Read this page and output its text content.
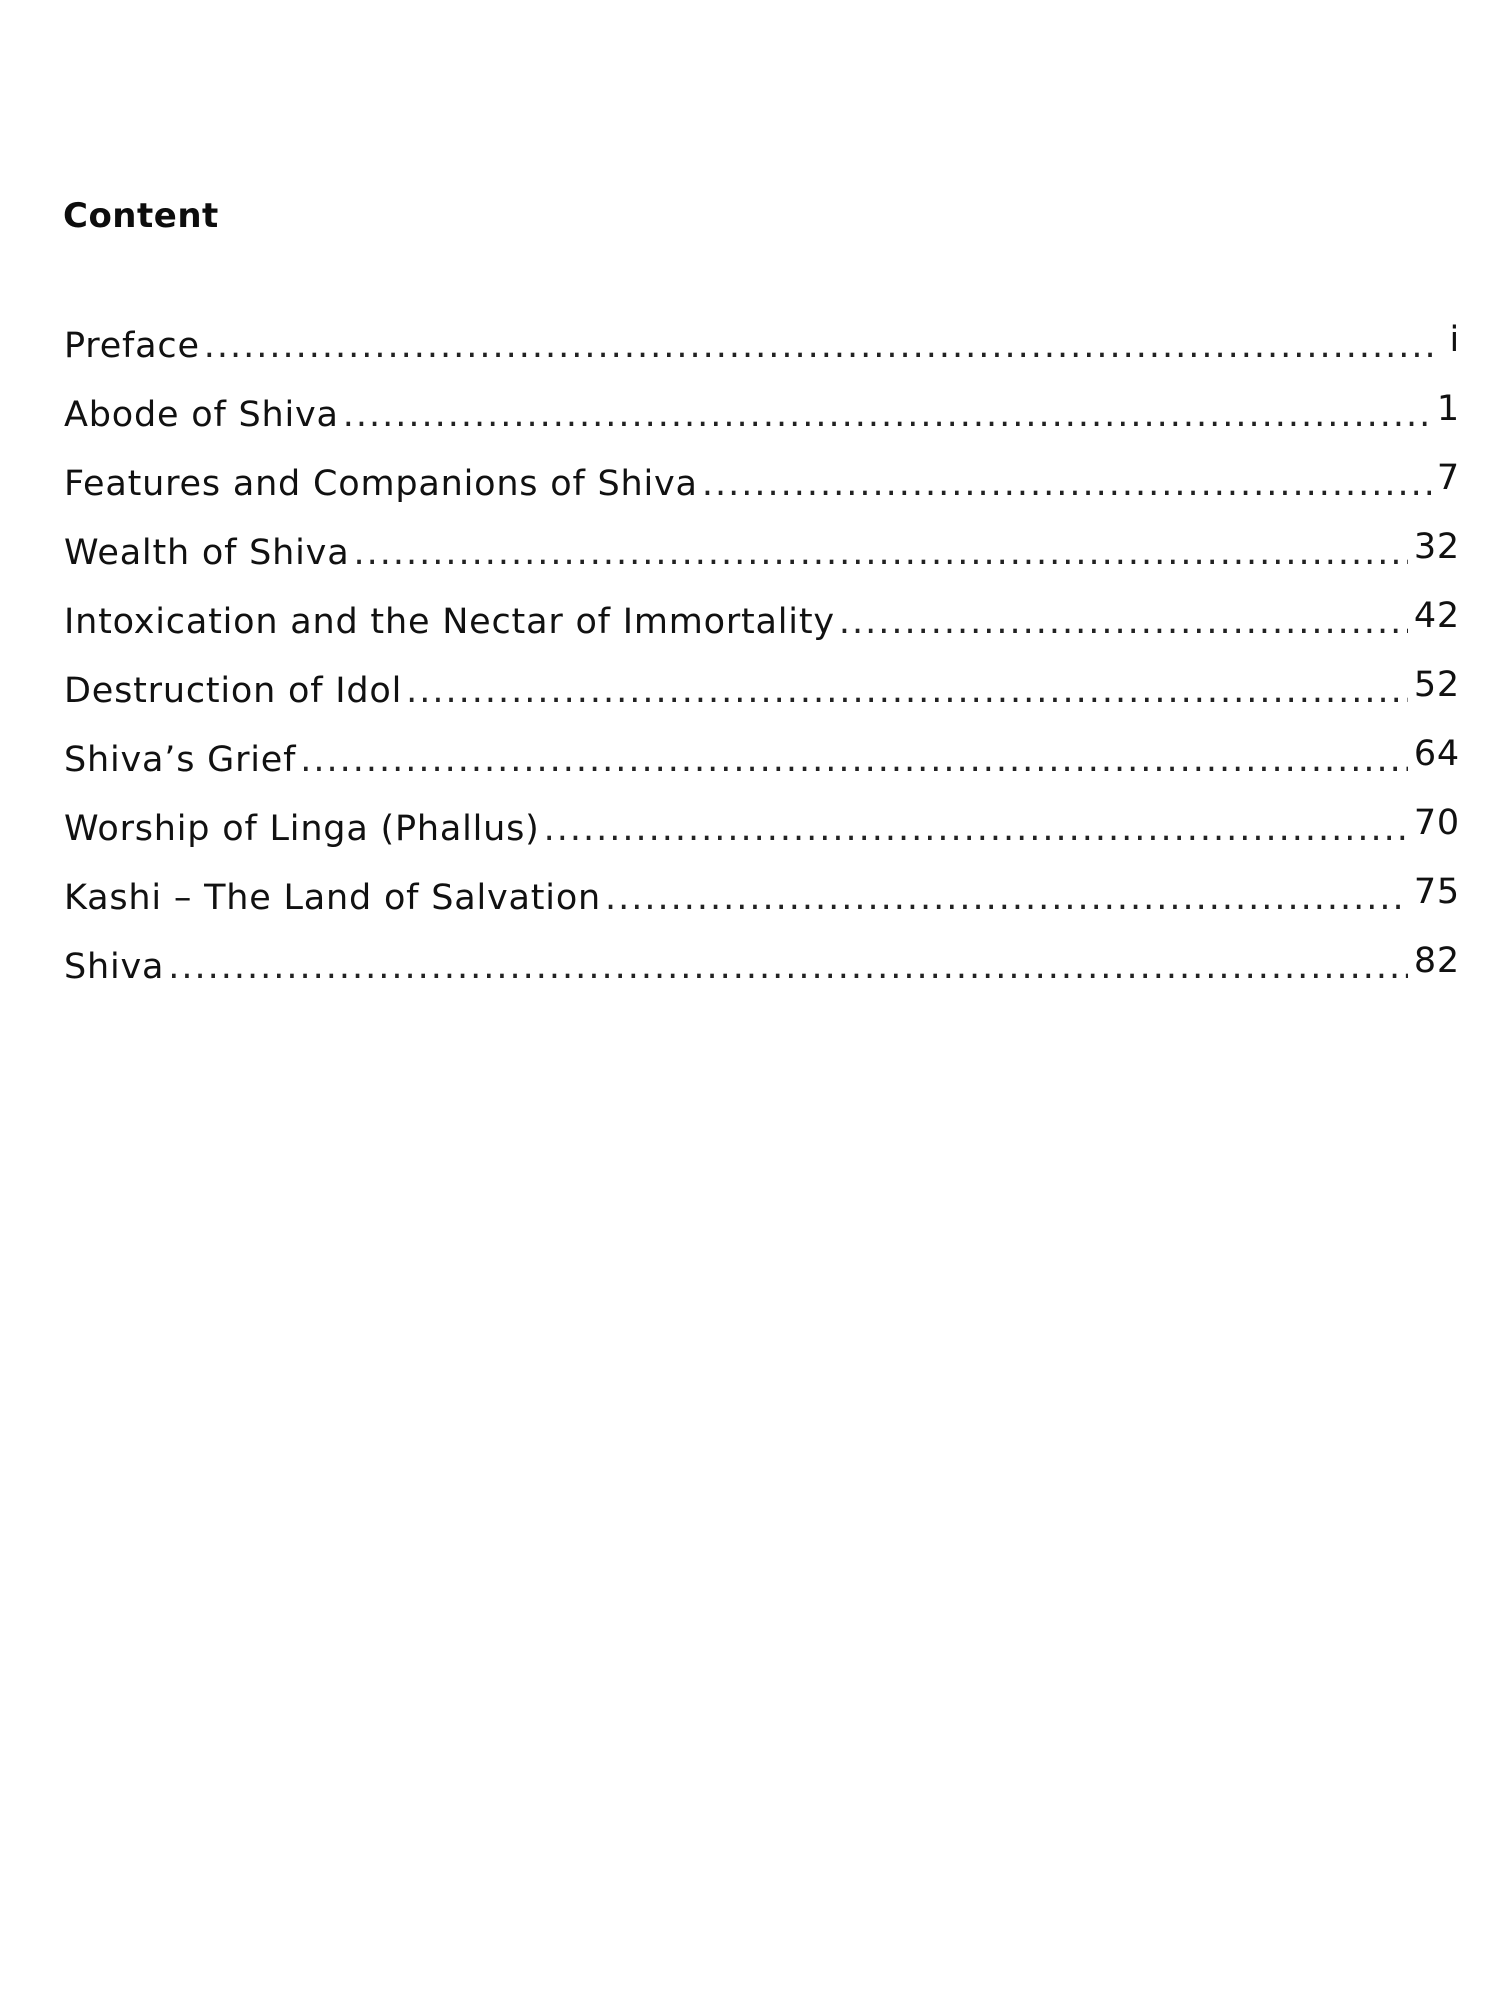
Content
Preface .....	i
Abode of Shiva .....	1
Features and Companions of Shiva .....	7
Wealth of Shiva .....	32
Intoxication and the Nectar of Immortality .....	42
Destruction of Idol .....	52
Shiva’s Grief .....	64
Worship of Linga (Phallus) .....	70
Kashi – The Land of Salvation .....	75
Shiva .....	82
